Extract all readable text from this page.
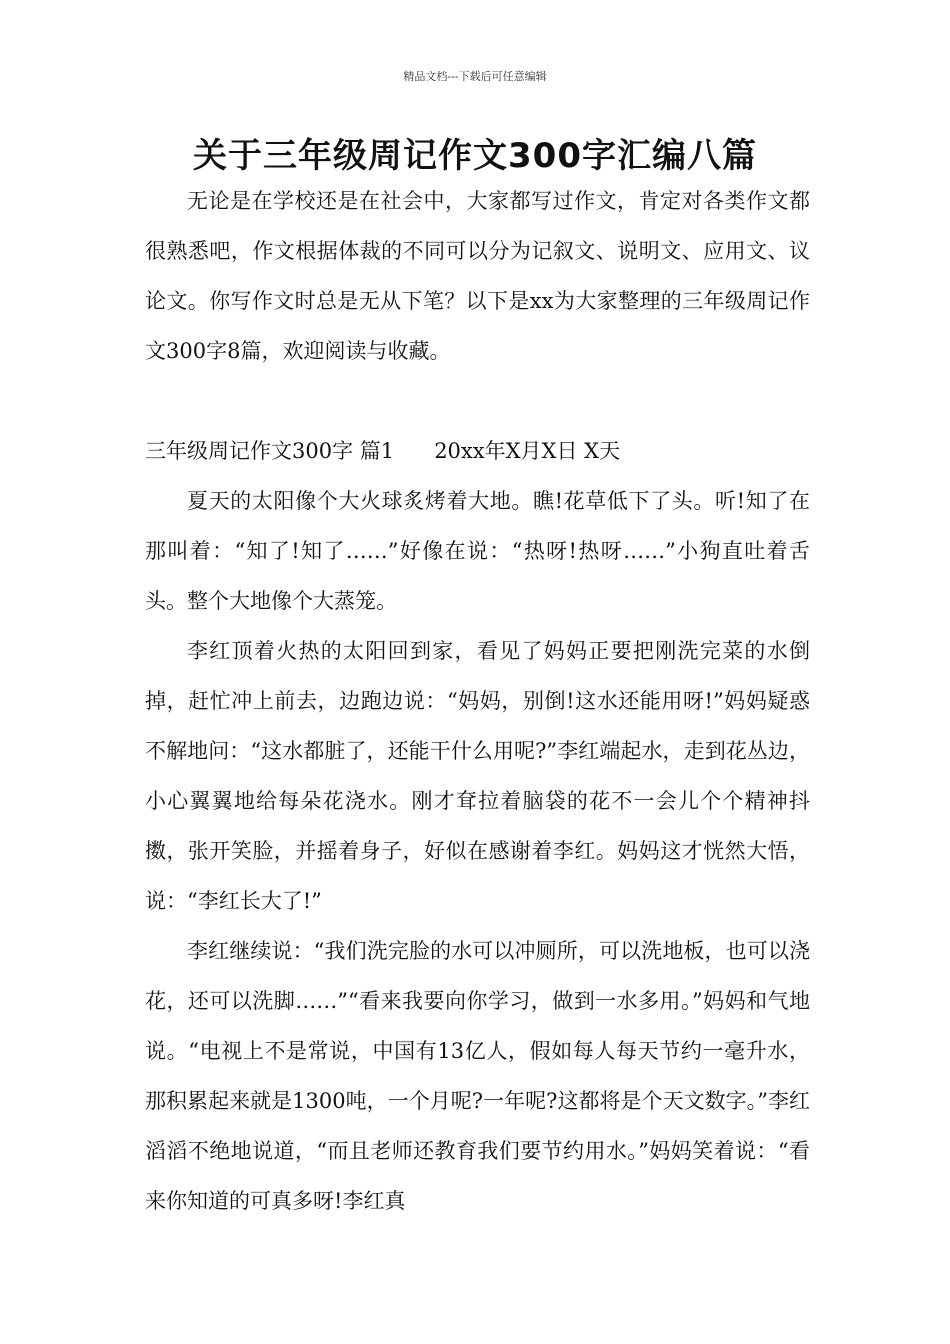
精品文档---下载后可任意编辑
关于三年级周记作文300字汇编八篇

无论是在学校还是在社会中，大家都写过作文，肯定对各类作文都很熟悉吧，作文根据体裁的不同可以分为记叙文、说明文、应用文、议论文。你写作文时总是无从下笔？以下是xx为大家整理的三年级周记作文300字8篇，欢迎阅读与收藏。

三年级周记作文300字 篇1 20xx年X月X日 X天

夏天的太阳像个大火球炙烤着大地。瞧!花草低下了头。听!知了在那叫着：“知了!知了……”好像在说：“热呀!热呀……”小狗直吐着舌头。整个大地像个大蒸笼。

李红顶着火热的太阳回到家，看见了妈妈正要把刚洗完菜的水倒掉，赶忙冲上前去，边跑边说：“妈妈，别倒!这水还能用呀!”妈妈疑惑不解地问：“这水都脏了，还能干什么用呢?”李红端起水，走到花丛边，小心翼翼地给每朵花浇水。刚才耷拉着脑袋的花不一会儿个个精神抖擞，张开笑脸，并摇着身子，好似在感谢着李红。妈妈这才恍然大悟，说：“李红长大了!”

李红继续说：“我们洗完脸的水可以冲厕所，可以洗地板，也可以浇花，还可以洗脚……”“看来我要向你学习，做到一水多用。”妈妈和气地说。“电视上不是常说，中国有13亿人，假如每人每天节约一毫升水，那积累起来就是1300吨，一个月呢?一年呢?这都将是个天文数字。”李红滔滔不绝地说道，“而且老师还教育我们要节约用水。”妈妈笑着说：“看来你知道的可真多呀!李红真
